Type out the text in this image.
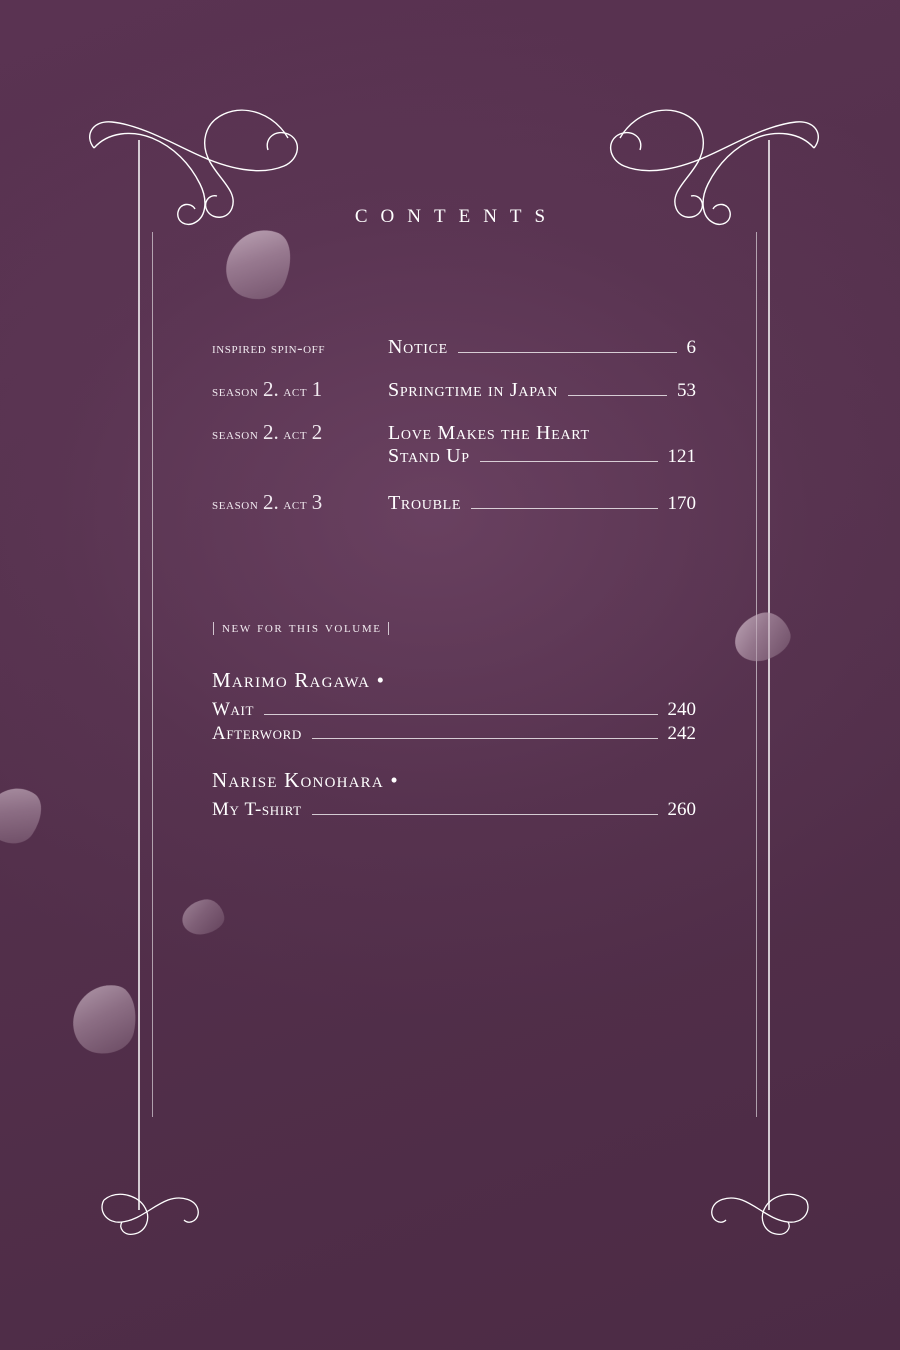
CONTENTS
inspired spin-off	Notice	6
season 2. act 1	Springtime in Japan	53
season 2. act 2	Love Makes the Heart
Stand Up	121
season 2. act 3	Trouble	170
| new for this volume |
Marimo Ragawa •
Wait	240
Afterword	242
Narise Konohara •
My T-shirt	260
